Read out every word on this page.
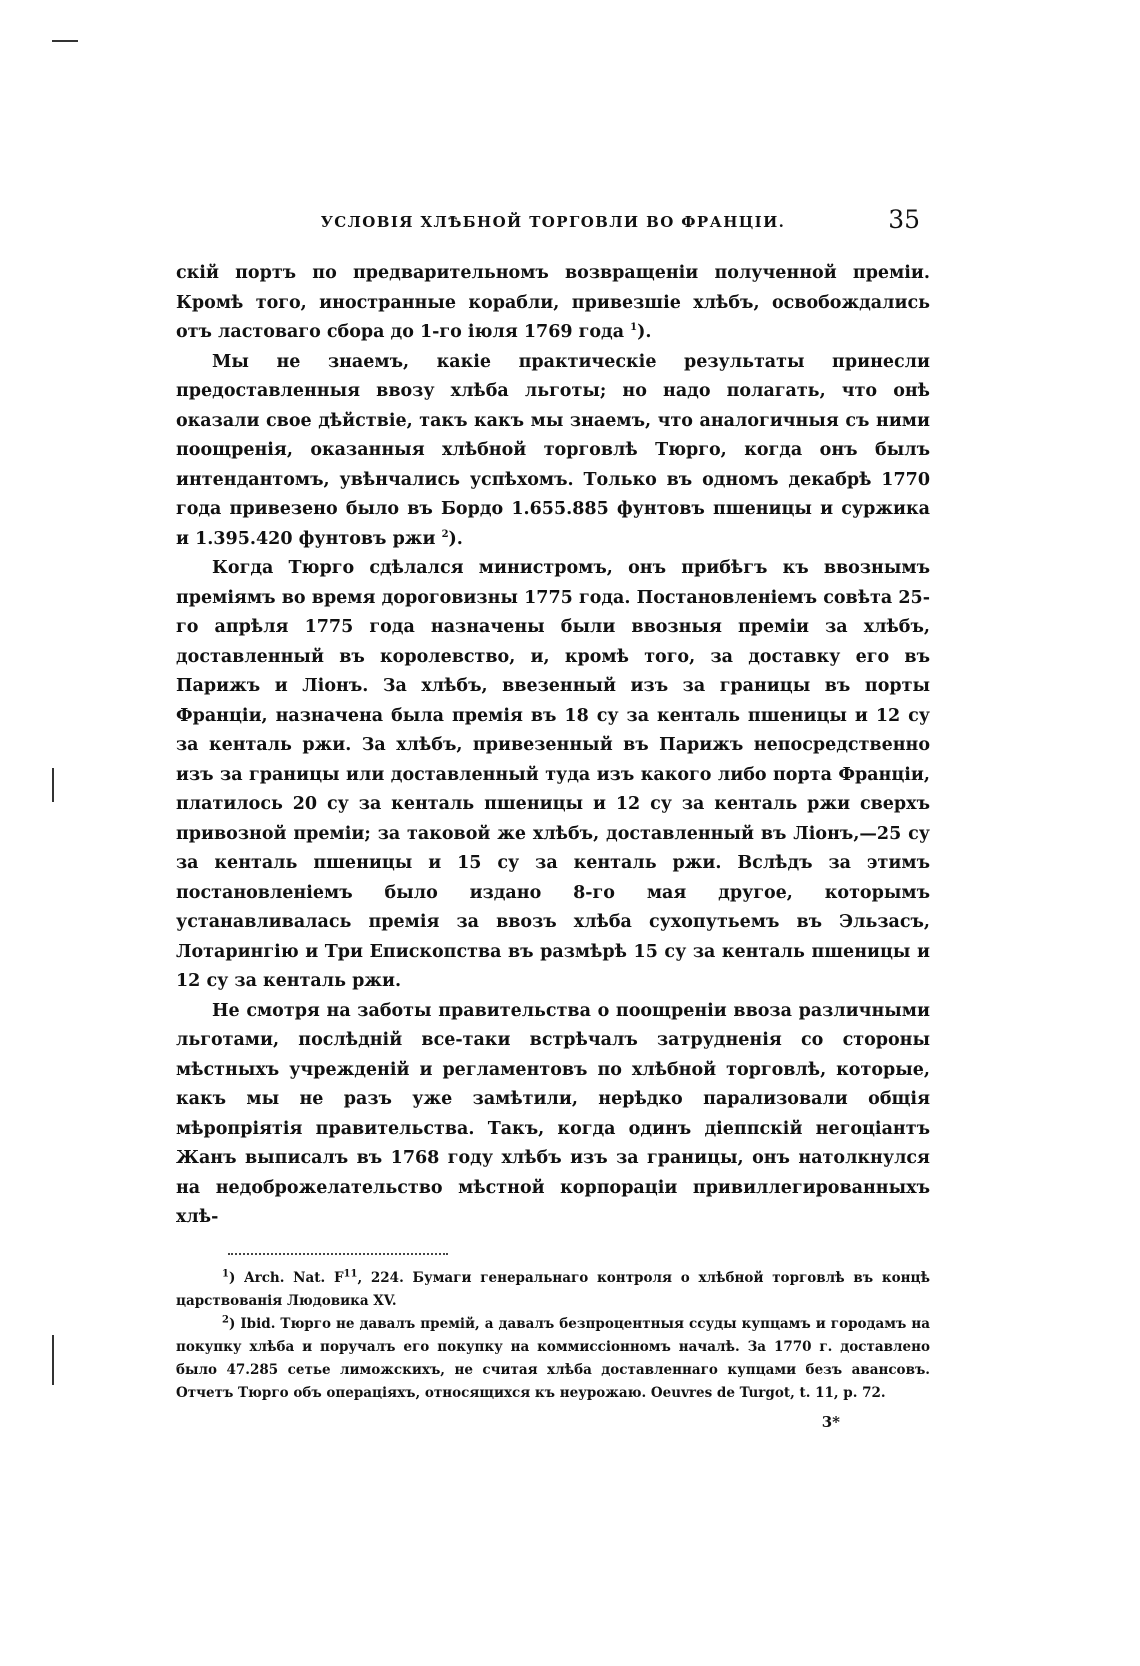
УСЛОВІЯ ХЛѢБНОЙ ТОРГОВЛИ ВО ФРАНЦІИ.	35

скій портъ по предварительномъ возвращеніи полученной преміи. Кромѣ того, иностранные корабли, привезшіе хлѣбъ, освобождались отъ ластоваго сбора до 1-го іюля 1769 года $^1$).

Мы не знаемъ, какіе практическіе результаты принесли предоставленныя ввозу хлѣба льготы; но надо полагать, что онѣ оказали свое дѣйствіе, такъ какъ мы знаемъ, что аналогичныя съ ними поощренія, оказанныя хлѣбной торговлѣ Тюрго, когда онъ былъ интендантомъ, увѣнчались успѣхомъ. Только въ одномъ декабрѣ 1770 года привезено было въ Бордо 1.655.885 фунтовъ пшеницы и суржика и 1.395.420 фунтовъ ржи $^2$).

Когда Тюрго сдѣлался министромъ, онъ прибѣгъ къ ввознымъ преміямъ во время дороговизны 1775 года. Постановленіемъ совѣта 25-го апрѣля 1775 года назначены были ввозныя преміи за хлѣбъ, доставленный въ королевство, и, кромѣ того, за доставку его въ Парижъ и Ліонъ. За хлѣбъ, ввезенный изъ за границы въ порты Франціи, назначена была премія въ 18 су за кенталь пшеницы и 12 су за кенталь ржи. За хлѣбъ, привезенный въ Парижъ непосредственно изъ за границы или доставленный туда изъ какого либо порта Франціи, платилось 20 су за кенталь пшеницы и 12 су за кенталь ржи сверхъ привозной преміи; за таковой же хлѣбъ, доставленный въ Ліонъ,—25 су за кенталь пшеницы и 15 су за кенталь ржи. Вслѣдъ за этимъ постановленіемъ было издано 8-го мая другое, которымъ устанавливалась премія за ввозъ хлѣба сухопутьемъ въ Эльзасъ, Лотарингію и Три Епископства въ размѣрѣ 15 су за кенталь пшеницы и 12 су за кенталь ржи.

Не смотря на заботы правительства о поощреніи ввоза различными льготами, послѣдній все-таки встрѣчалъ затрудненія со стороны мѣстныхъ учрежденій и регламентовъ по хлѣбной торговлѣ, которые, какъ мы не разъ уже замѣтили, нерѣдко парализовали общія мѣропріятія правительства. Такъ, когда одинъ діеппскій негоціантъ Жанъ выписалъ въ 1768 году хлѣбъ изъ за границы, онъ натолкнулся на недоброжелательство мѣстной корпораціи привиллегированныхъ хлѣ-

$^1$) Arch. Nat. $F^{11}$, 224. Бумаги генеральнаго контроля о хлѣбной торговлѣ въ концѣ царствованія Людовика XV.

$^2$) Ibid. Тюрго не давалъ премій, а давалъ безпроцентныя ссуды купцамъ и городамъ на покупку хлѣба и поручалъ его покупку на коммиссіонномъ началѣ. За 1770 г. доставлено было 47.285 сетье лиможскихъ, не считая хлѣба доставленнаго купцами безъ авансовъ. Отчетъ Тюрго объ операціяхъ, относящихся къ неурожаю. Oeuvres de Turgot, t. 11, p. 72.

3*
